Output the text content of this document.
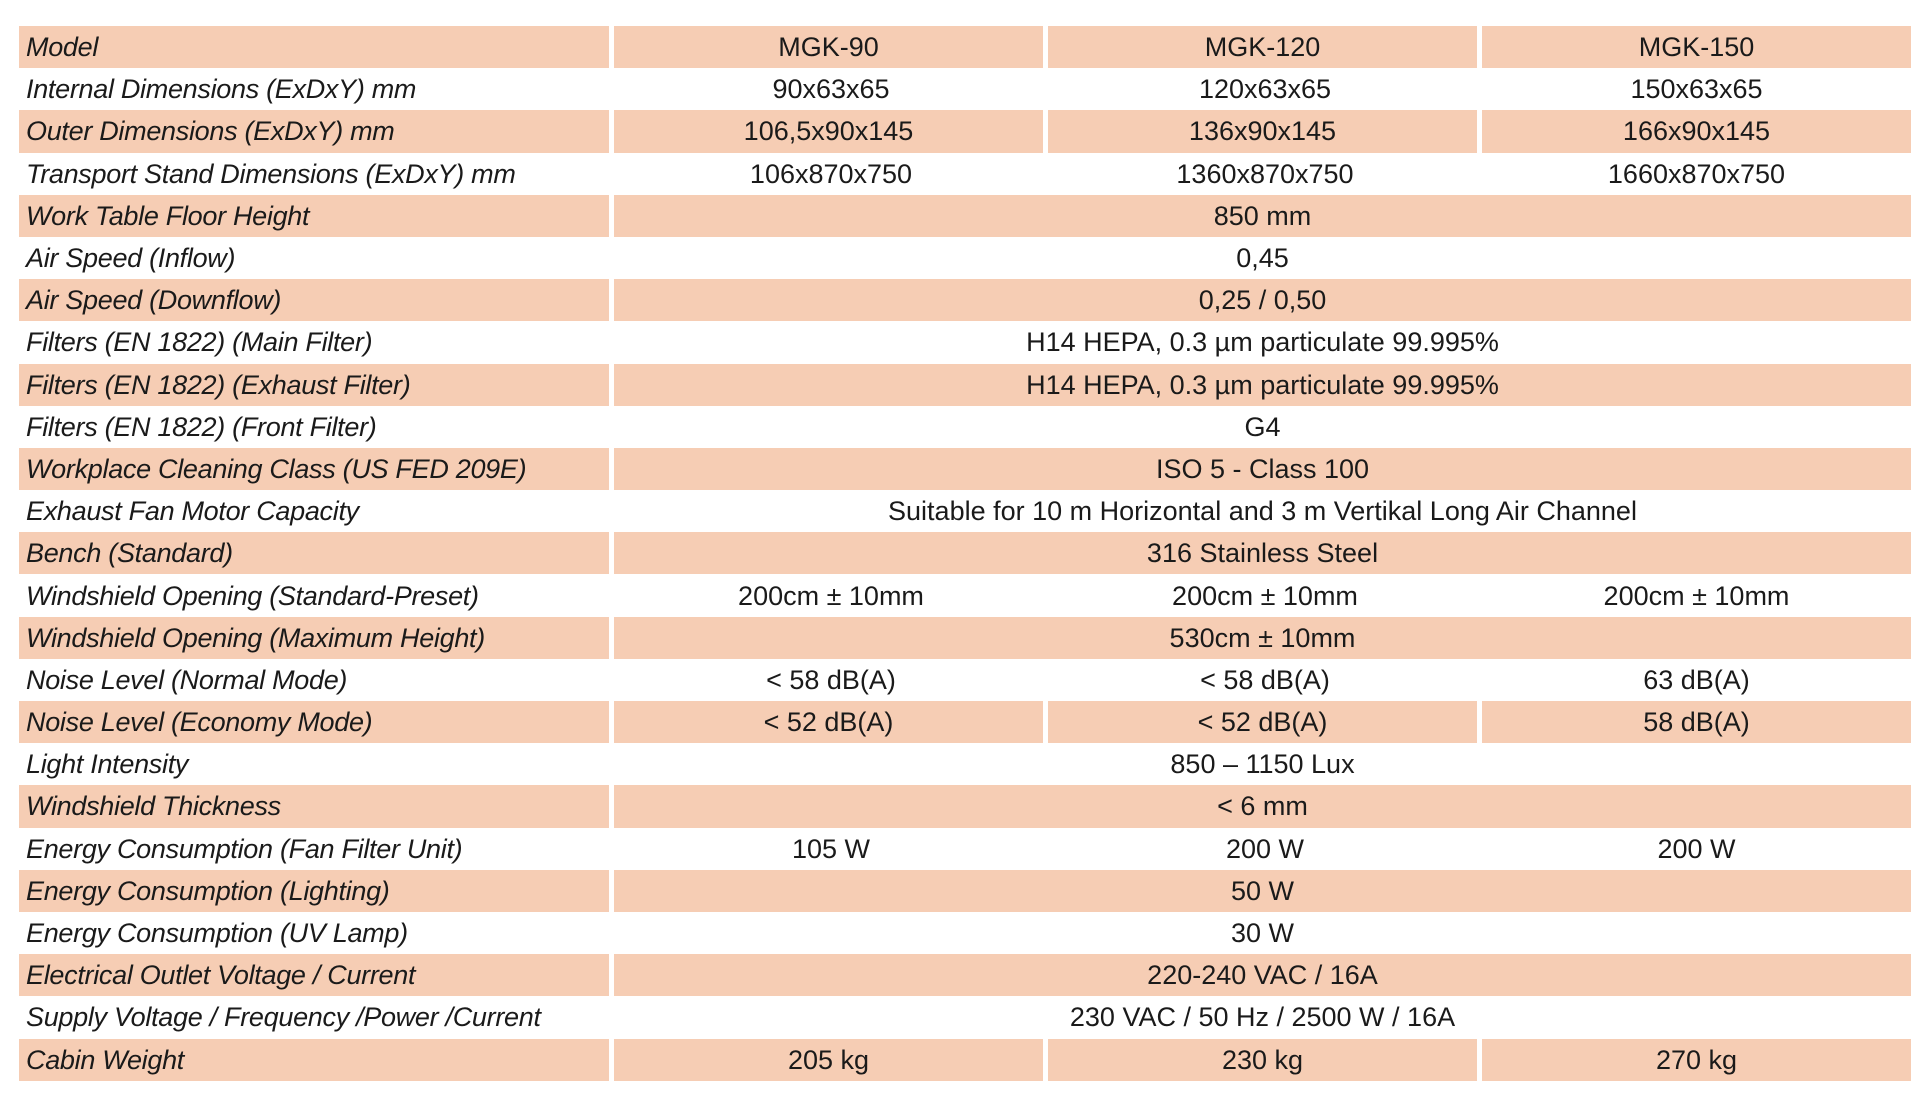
Model	MGK-90	MGK-120	MGK-150
Internal Dimensions (ExDxY) mm	90x63x65	120x63x65	150x63x65
Outer Dimensions (ExDxY) mm	106,5x90x145	136x90x145	166x90x145
Transport Stand Dimensions (ExDxY) mm	106x870x750	1360x870x750	1660x870x750
Work Table Floor Height	850 mm		
Air Speed (Inflow)	0,45		
Air Speed (Downflow)	0,25 / 0,50		
Filters (EN 1822) (Main Filter)	H14 HEPA, 0.3 µm particulate 99.995%		
Filters (EN 1822) (Exhaust Filter)	H14 HEPA, 0.3 µm particulate 99.995%		
Filters (EN 1822) (Front Filter)	G4		
Workplace Cleaning Class (US FED 209E)	ISO 5 - Class 100		
Exhaust Fan Motor Capacity	Suitable for 10 m Horizontal and 3 m Vertikal Long Air Channel		
Bench (Standard)	316 Stainless Steel		
Windshield Opening (Standard-Preset)	200cm ± 10mm	200cm ± 10mm	200cm ± 10mm
Windshield Opening (Maximum Height)	530cm ± 10mm		
Noise Level (Normal Mode)	< 58 dB(A)	< 58 dB(A)	63 dB(A)
Noise Level (Economy Mode)	< 52 dB(A)	< 52 dB(A)	58 dB(A)
Light Intensity	850 – 1150 Lux		
Windshield Thickness	< 6 mm		
Energy Consumption (Fan Filter Unit)	105 W	200 W	200 W
Energy Consumption (Lighting)	50 W		
Energy Consumption (UV Lamp)	30 W		
Electrical Outlet Voltage / Current	220-240 VAC / 16A		
Supply Voltage / Frequency /Power /Current	230 VAC / 50 Hz / 2500 W / 16A		
Cabin Weight	205 kg	230 kg	270 kg
